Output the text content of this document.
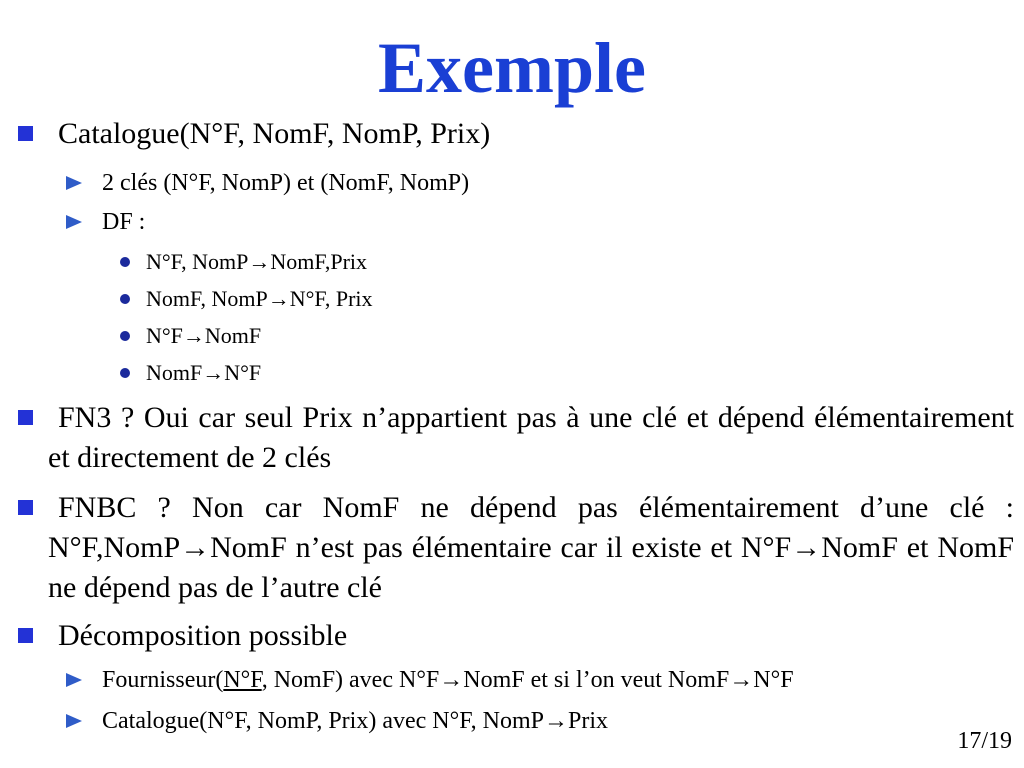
Exemple
Catalogue(N°F, NomF, NomP, Prix)
2 clés (N°F, NomP) et (NomF, NomP)
DF :
N°F, NomP→NomF,Prix
NomF, NomP→N°F, Prix
N°F→NomF
NomF→N°F
FN3 ? Oui car seul Prix n’appartient pas à une clé et dépend élémentairement et directement de 2 clés
FNBC ? Non car NomF ne dépend pas élémentairement d’une clé : N°F,NomP→NomF n’est pas élémentaire car il existe et N°F→NomF et NomF ne dépend pas de l’autre clé
Décomposition possible
Fournisseur(N°F, NomF) avec N°F→NomF et si l’on veut NomF→N°F
Catalogue(N°F, NomP, Prix) avec N°F, NomP→Prix
17/19
